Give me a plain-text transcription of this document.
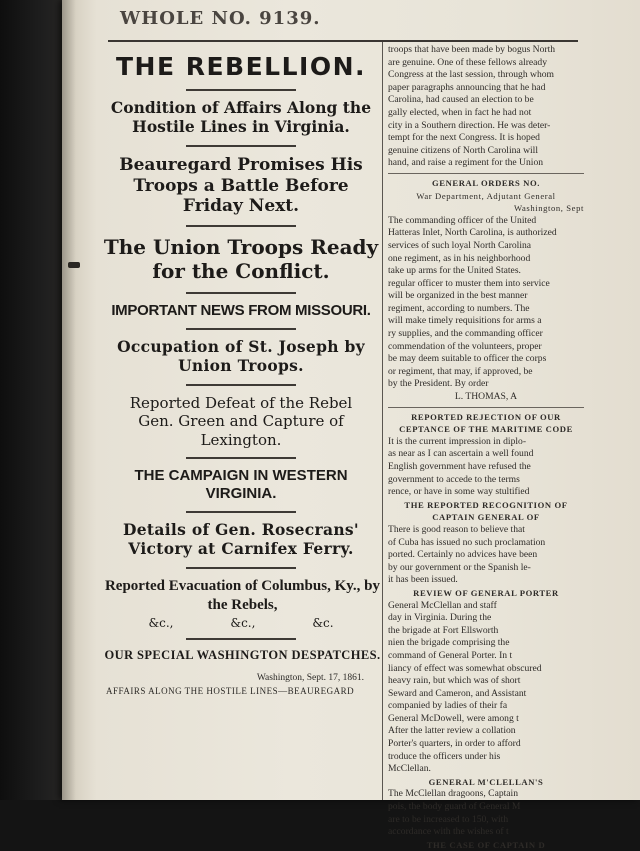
WHOLE NO. 9139.
THE REBELLION.
Condition of Affairs Along the Hostile Lines in Virginia.
Beauregard Promises His Troops a Battle Before Friday Next.
The Union Troops Ready for the Conflict.
IMPORTANT NEWS FROM MISSOURI.
Occupation of St. Joseph by Union Troops.
Reported Defeat of the Rebel Gen. Green and Capture of Lexington.
THE CAMPAIGN IN WESTERN VIRGINIA.
Details of Gen. Rosecrans' Victory at Carnifex Ferry.
Reported Evacuation of Columbus, Ky., by the Rebels,
&c.,	&c.,	&c.
OUR SPECIAL WASHINGTON DESPATCHES.
Washington, Sept. 17, 1861.
AFFAIRS ALONG THE HOSTILE LINES—BEAUREGARD
troops that have been made by bogus North
are genuine. One of these fellows already
Congress at the last session, through whom
paper paragraphs announcing that he had
Carolina, had caused an election to be
gally elected, when in fact he had not
city in a Southern direction. He was deter-
tempt for the next Congress. It is hoped
genuine citizens of North Carolina will
hand, and raise a regiment for the Union
GENERAL ORDERS NO.
War Department, Adjutant General
Washington, Sept
The commanding officer of the United
Hatteras Inlet, North Carolina, is authorized
services of such loyal North Carolina
one regiment, as in his neighborhood
take up arms for the United States.
regular officer to muster them into service
will be organized in the best manner
regiment, according to numbers. The
will make timely requisitions for arms a
ry supplies, and the commanding officer
commendation of the volunteers, proper
be may deem suitable to officer the corps
or regiment, that may, if approved, be
by the President. By order
L. THOMAS, A
REPORTED REJECTION OF OUR
CEPTANCE OF THE MARITIME CODE
It is the current impression in diplo-
as near as I can ascertain a well found
English government have refused the
government to accede to the terms
rence, or have in some way stultified
THE REPORTED RECOGNITION OF
CAPTAIN GENERAL OF
There is good reason to believe that
of Cuba has issued no such proclamation
ported. Certainly no advices have been
by our government or the Spanish le-
it has been issued.
REVIEW OF GENERAL PORTER
General McClellan and staff
day in Virginia. During the
the brigade at Fort Ellsworth
nien the brigade comprising the
command of General Porter. In t
liancy of effect was somewhat obscured
heavy rain, but which was of short
Seward and Cameron, and Assistant
companied by ladies of their fa
General McDowell, were among t
After the latter review a collation
Porter's quarters, in order to afford
troduce the officers under his
McClellan.
GENERAL M'CLELLAN'S
The McClellan dragoons, Captain
pois, the body guard of General M
are to be increased to 150, with
accordance with the wishes of t
THE CASE OF CAPTAIN D
